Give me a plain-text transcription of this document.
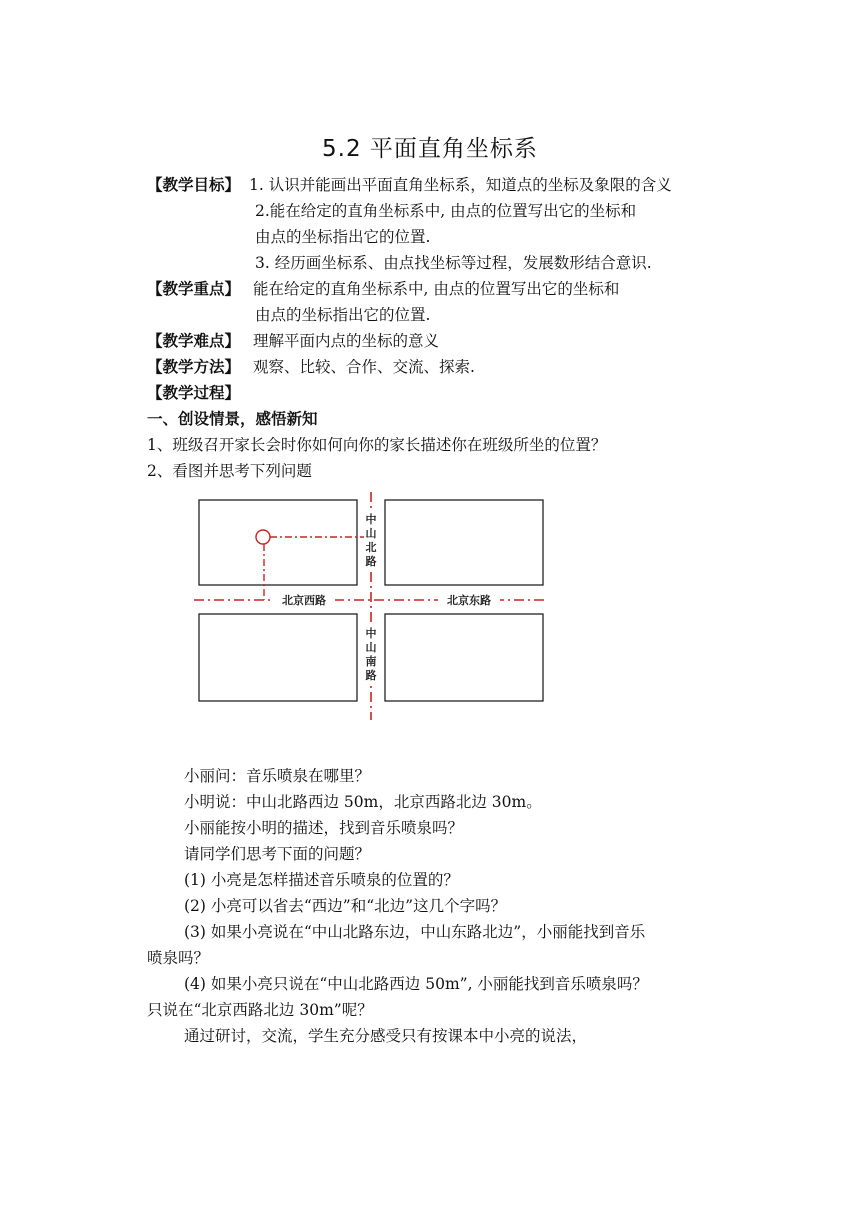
5.2 平面直角坐标系
【教学目标】 1. 认识并能画出平面直角坐标系，知道点的坐标及象限的含义
2.能在给定的直角坐标系中, 由点的位置写出它的坐标和
由点的坐标指出它的位置.
3. 经历画坐标系、由点找坐标等过程，发展数形结合意识.
【教学重点】 能在给定的直角坐标系中, 由点的位置写出它的坐标和
由点的坐标指出它的位置.
【教学难点】 理解平面内点的坐标的意义
【教学方法】 观察、比较、合作、交流、探索.
【教学过程】
一、创设情景，感悟新知
1、班级召开家长会时你如何向你的家长描述你在班级所坐的位置？
2、看图并思考下列问题
中
山
北
路
中
山
南
路
北京西路	北京东路
小丽问：音乐喷泉在哪里？
小明说：中山北路西边 50m，北京西路北边 30m。
小丽能按小明的描述，找到音乐喷泉吗？
请同学们思考下面的问题？
(1) 小亮是怎样描述音乐喷泉的位置的？
(2) 小亮可以省去“西边”和“北边”这几个字吗？
(3) 如果小亮说在“中山北路东边，中山东路北边”，小丽能找到音乐
喷泉吗？
(4) 如果小亮只说在“中山北路西边 50m”, 小丽能找到音乐喷泉吗？
只说在“北京西路北边 30m”呢？
通过研讨，交流，学生充分感受只有按课本中小亮的说法，
